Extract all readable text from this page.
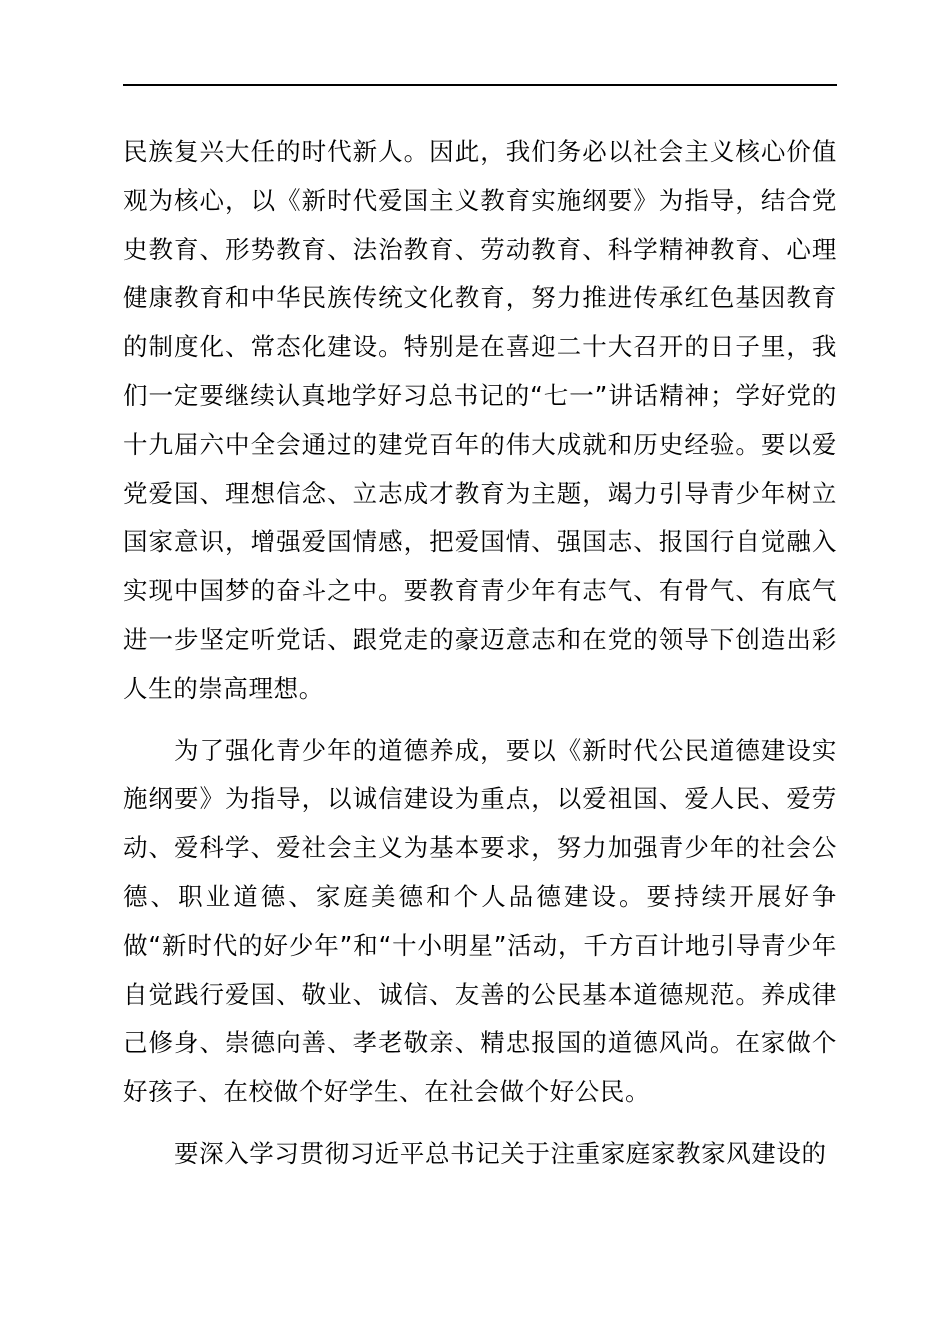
民族复兴大任的时代新人。因此，我们务必以社会主义核心价值观为核心，以《新时代爱国主义教育实施纲要》为指导，结合党史教育、形势教育、法治教育、劳动教育、科学精神教育、心理健康教育和中华民族传统文化教育，努力推进传承红色基因教育的制度化、常态化建设。特别是在喜迎二十大召开的日子里，我们一定要继续认真地学好习总书记的“七一”讲话精神；学好党的十九届六中全会通过的建党百年的伟大成就和历史经验。要以爱党爱国、理想信念、立志成才教育为主题，竭力引导青少年树立国家意识，增强爱国情感，把爱国情、强国志、报国行自觉融入实现中国梦的奋斗之中。要教育青少年有志气、有骨气、有底气进一步坚定听党话、跟党走的豪迈意志和在党的领导下创造出彩人生的崇高理想。

为了强化青少年的道德养成，要以《新时代公民道德建设实施纲要》为指导，以诚信建设为重点，以爱祖国、爱人民、爱劳动、爱科学、爱社会主义为基本要求，努力加强青少年的社会公德、职业道德、家庭美德和个人品德建设。要持续开展好争做“新时代的好少年”和“十小明星”活动，千方百计地引导青少年自觉践行爱国、敬业、诚信、友善的公民基本道德规范。养成律己修身、崇德向善、孝老敬亲、精忠报国的道德风尚。在家做个好孩子、在校做个好学生、在社会做个好公民。

要深入学习贯彻习近平总书记关于注重家庭家教家风建设的
